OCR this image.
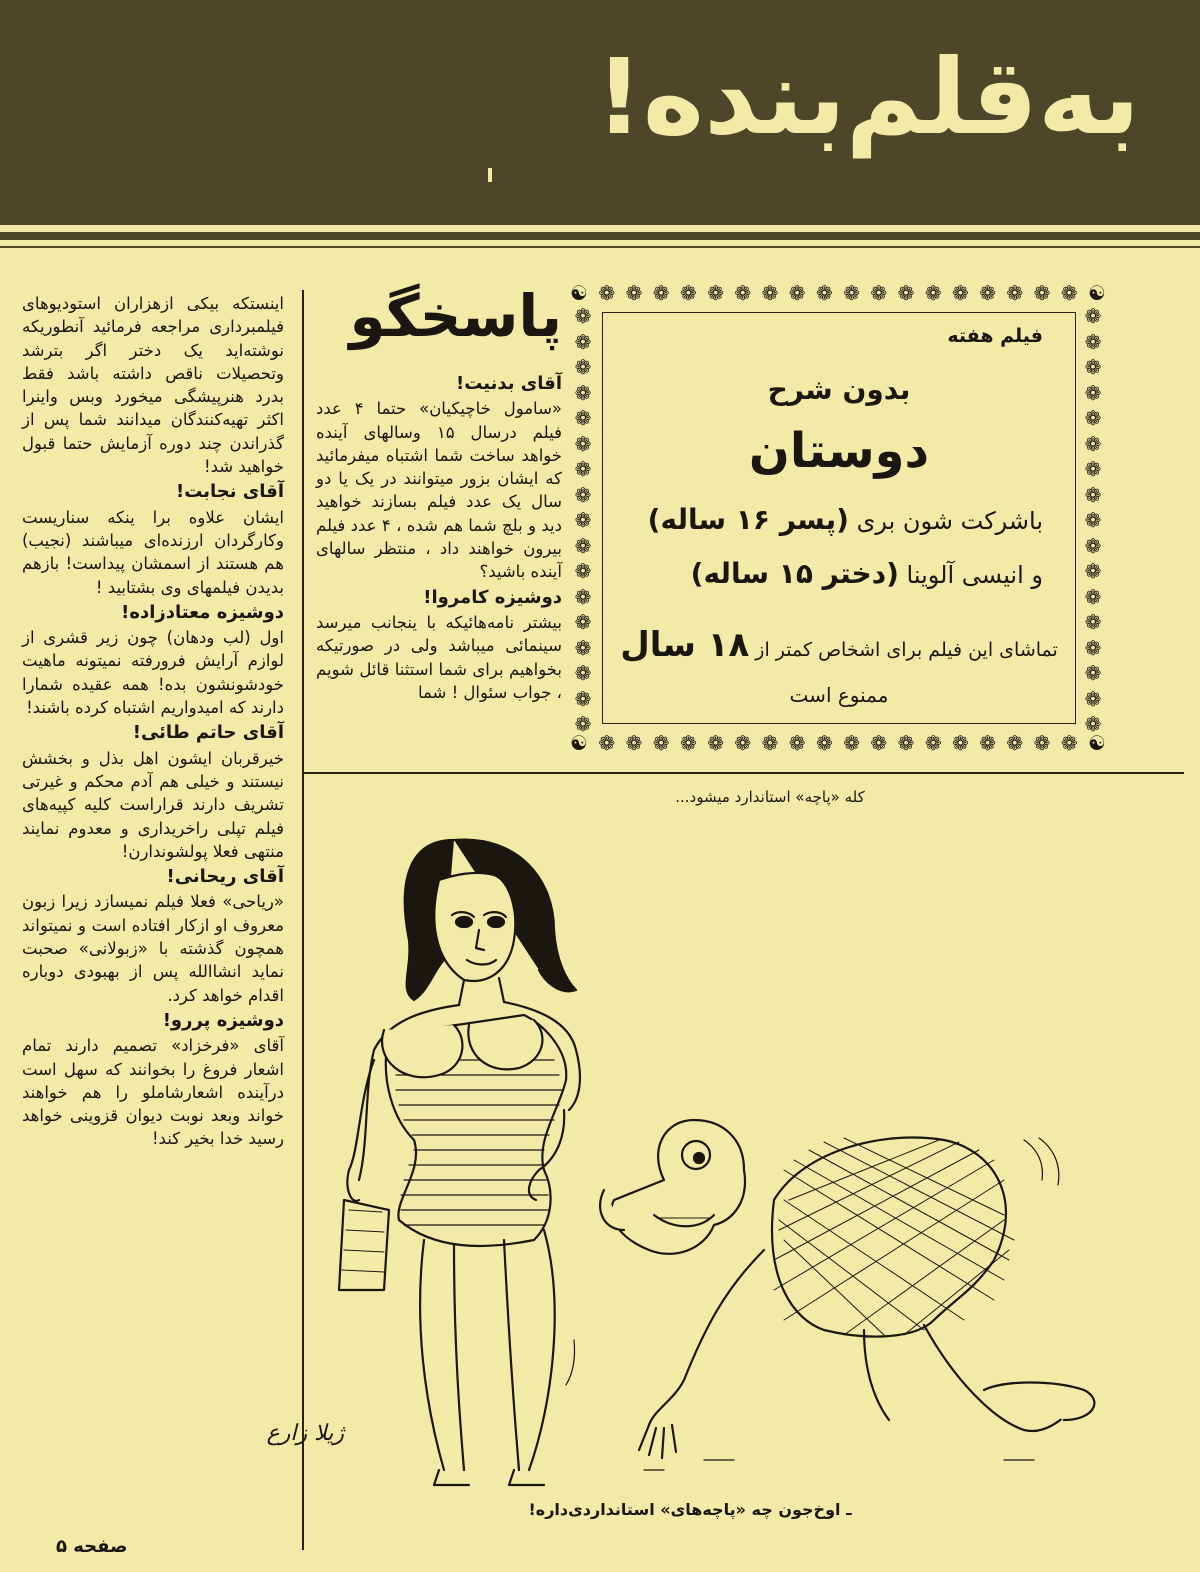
به‌قلم‌بنده!

اینستکه بیکی ازهزاران استودیوهای فیلمبرداری مراجعه فرمائید آنطوریکه نوشته‌اید یک دختر اگر بترشد وتحصیلات ناقص داشته باشد فقط بدرد هنرپیشگی میخورد وبس واینرا اکثر تهیه‌کنندگان میدانند شما پس از گذراندن چند دوره آزمایش حتما قبول خواهید شد!

آقای نجابت!

ایشان علاوه برا ینکه سناریست وکارگردان ارزنده‌ای میباشند (نجیب) هم هستند از اسمشان پیداست! بازهم بدیدن فیلمهای وی بشتابید !

دوشیزه معتادزاده!

اول (لب ودهان) چون زیر قشری از لوازم آرایش فرورفته نمیتونه ماهیت خودشونشون بده! همه عقیده شمارا دارند که امیدواریم اشتباه کرده باشند!

آقای حاتم طائی!

خیرقربان ایشون اهل بذل و بخشش نیستند و خیلی هم آدم محکم و غیرتی تشریف دارند قراراست کلیه کپیه‌های فیلم تپلی راخریداری و معدوم نمایند منتهی فعلا پولشوندارن!

آقای ریحانی!

«ریاحی» فعلا فیلم نمیسازد زیرا زبون معروف او ازکار افتاده است و نمیتواند همچون گذشته با «زبولانی» صحبت نماید انشاالله پس از بهبودی دوباره اقدام خواهد کرد.

دوشیزه پررو!

آقای «فرخزاد» تصمیم دارند تمام اشعار فروغ را بخوانند که سهل است درآینده اشعارشاملو را هم خواهند خواند وبعد نوبت دیوان قزوینی خواهد رسید خدا بخیر کند!

پاسخگو

آقای بدنیت!

«سامول خاچیکیان» حتما ۴ عدد فیلم درسال ۱۵ وسالهای آینده خواهد ساخت شما اشتباه میفرمائید که ایشان بزور میتوانند در یک یا دو سال یک عدد فیلم بسازند خواهید دید و بلچ شما هم شده ، ۴ عدد فیلم بیرون خواهند داد ، منتظر سالهای آینده باشید؟

دوشیزه کامروا!

بیشتر نامه‌هائیکه با ینجانب میرسد سینمائی میباشد ولی در صورتیکه بخواهیم برای شما استثنا قائل شویم ، جواب سئوال ! شما

☯ ❁ ❁ ❁ ❁ ❁ ❁ ❁ ❁ ❁ ❁ ❁ ❁ ❁ ❁ ❁ ❁ ❁ ❁ ☯
☯ ❁ ❁ ❁ ❁ ❁ ❁ ❁ ❁ ❁ ❁ ❁ ❁ ❁ ❁ ❁ ❁ ❁ ❁ ☯
❁
❁
❁
❁
❁
❁
❁
❁
❁
❁
❁
❁
❁
❁
❁
❁
❁
❁
❁
❁
❁
❁
❁
❁
❁
❁
❁
❁
❁
❁
❁
❁
❁
❁
فیلم هفته
بدون شرح
دوستان
باشرکت شون بری (پسر ۱۶ ساله)
و انیسی آلوینا (دختر ۱۵ ساله)
تماشای این فیلم برای اشخاص کمتر از ۱۸ سال
ممنوع است
کله «پاچه» استاندارد میشود...
ژیلا زارع
ـ اوخ‌جون چه «پاچه‌های» استانداردی‌داره!
صفحه ۵
